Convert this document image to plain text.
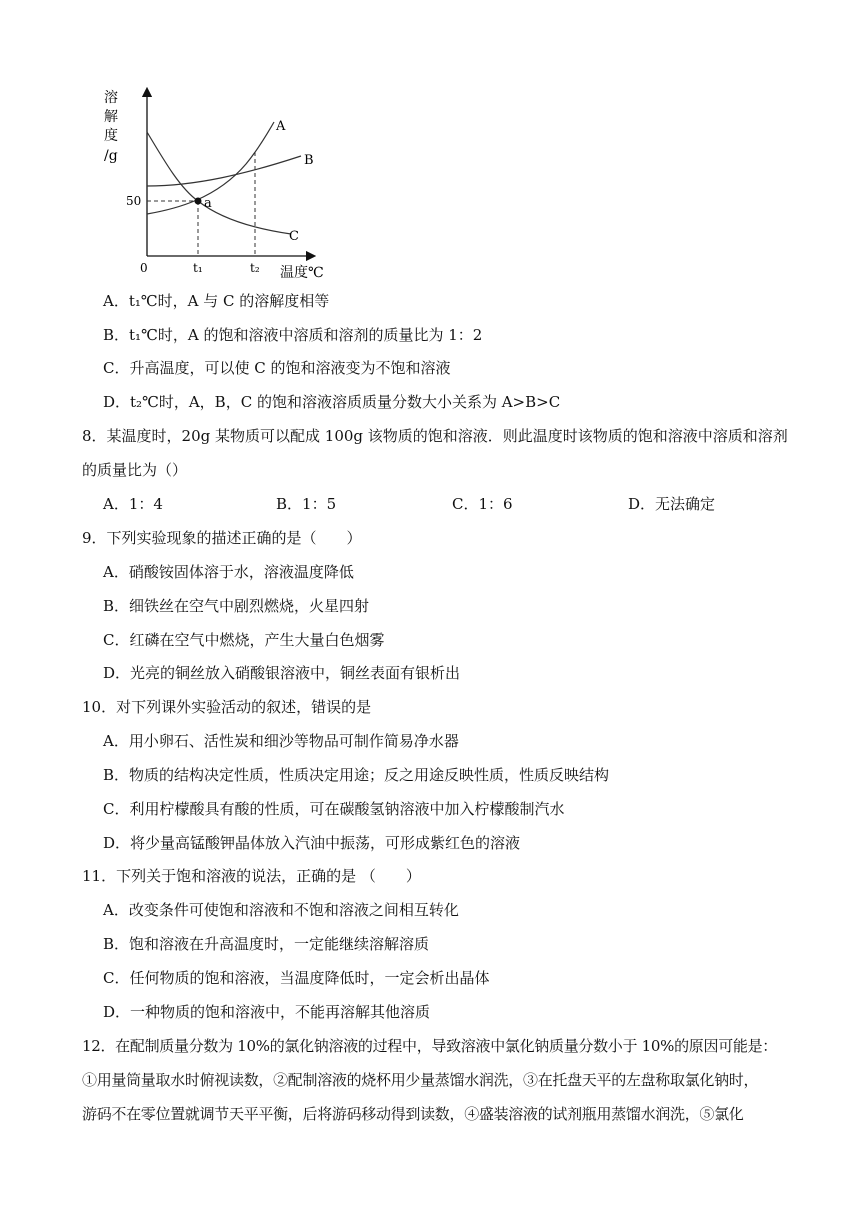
溶
解
度
/g
50
0	t₁	t₂ 温度℃
A
B
C
a
A．t₁℃时，A 与 C 的溶解度相等
B．t₁℃时，A 的饱和溶液中溶质和溶剂的质量比为 1：2
C．升高温度，可以使 C 的饱和溶液变为不饱和溶液
D．t₂℃时，A，B，C 的饱和溶液溶质质量分数大小关系为 A>B>C
8．某温度时，20g 某物质可以配成 100g 该物质的饱和溶液．则此温度时该物质的饱和溶液中溶质和溶剂
的质量比为（）
A．1：4	B．1：5	C．1：6	D．无法确定
9．下列实验现象的描述正确的是（　　）
A．硝酸铵固体溶于水，溶液温度降低
B．细铁丝在空气中剧烈燃烧，火星四射
C．红磷在空气中燃烧，产生大量白色烟雾
D．光亮的铜丝放入硝酸银溶液中，铜丝表面有银析出
10．对下列课外实验活动的叙述，错误的是
A．用小卵石、活性炭和细沙等物品可制作简易净水器
B．物质的结构决定性质，性质决定用途；反之用途反映性质，性质反映结构
C．利用柠檬酸具有酸的性质，可在碳酸氢钠溶液中加入柠檬酸制汽水
D．将少量高锰酸钾晶体放入汽油中振荡，可形成紫红色的溶液
11．下列关于饱和溶液的说法，正确的是 （　　）
A．改变条件可使饱和溶液和不饱和溶液之间相互转化
B．饱和溶液在升高温度时，一定能继续溶解溶质
C．任何物质的饱和溶液，当温度降低时，一定会析出晶体
D．一种物质的饱和溶液中，不能再溶解其他溶质
12．在配制质量分数为 10%的氯化钠溶液的过程中，导致溶液中氯化钠质量分数小于 10%的原因可能是：
①用量筒量取水时俯视读数，②配制溶液的烧杯用少量蒸馏水润洗，③在托盘天平的左盘称取氯化钠时，
游码不在零位置就调节天平平衡，后将游码移动得到读数，④盛装溶液的试剂瓶用蒸馏水润洗，⑤氯化
